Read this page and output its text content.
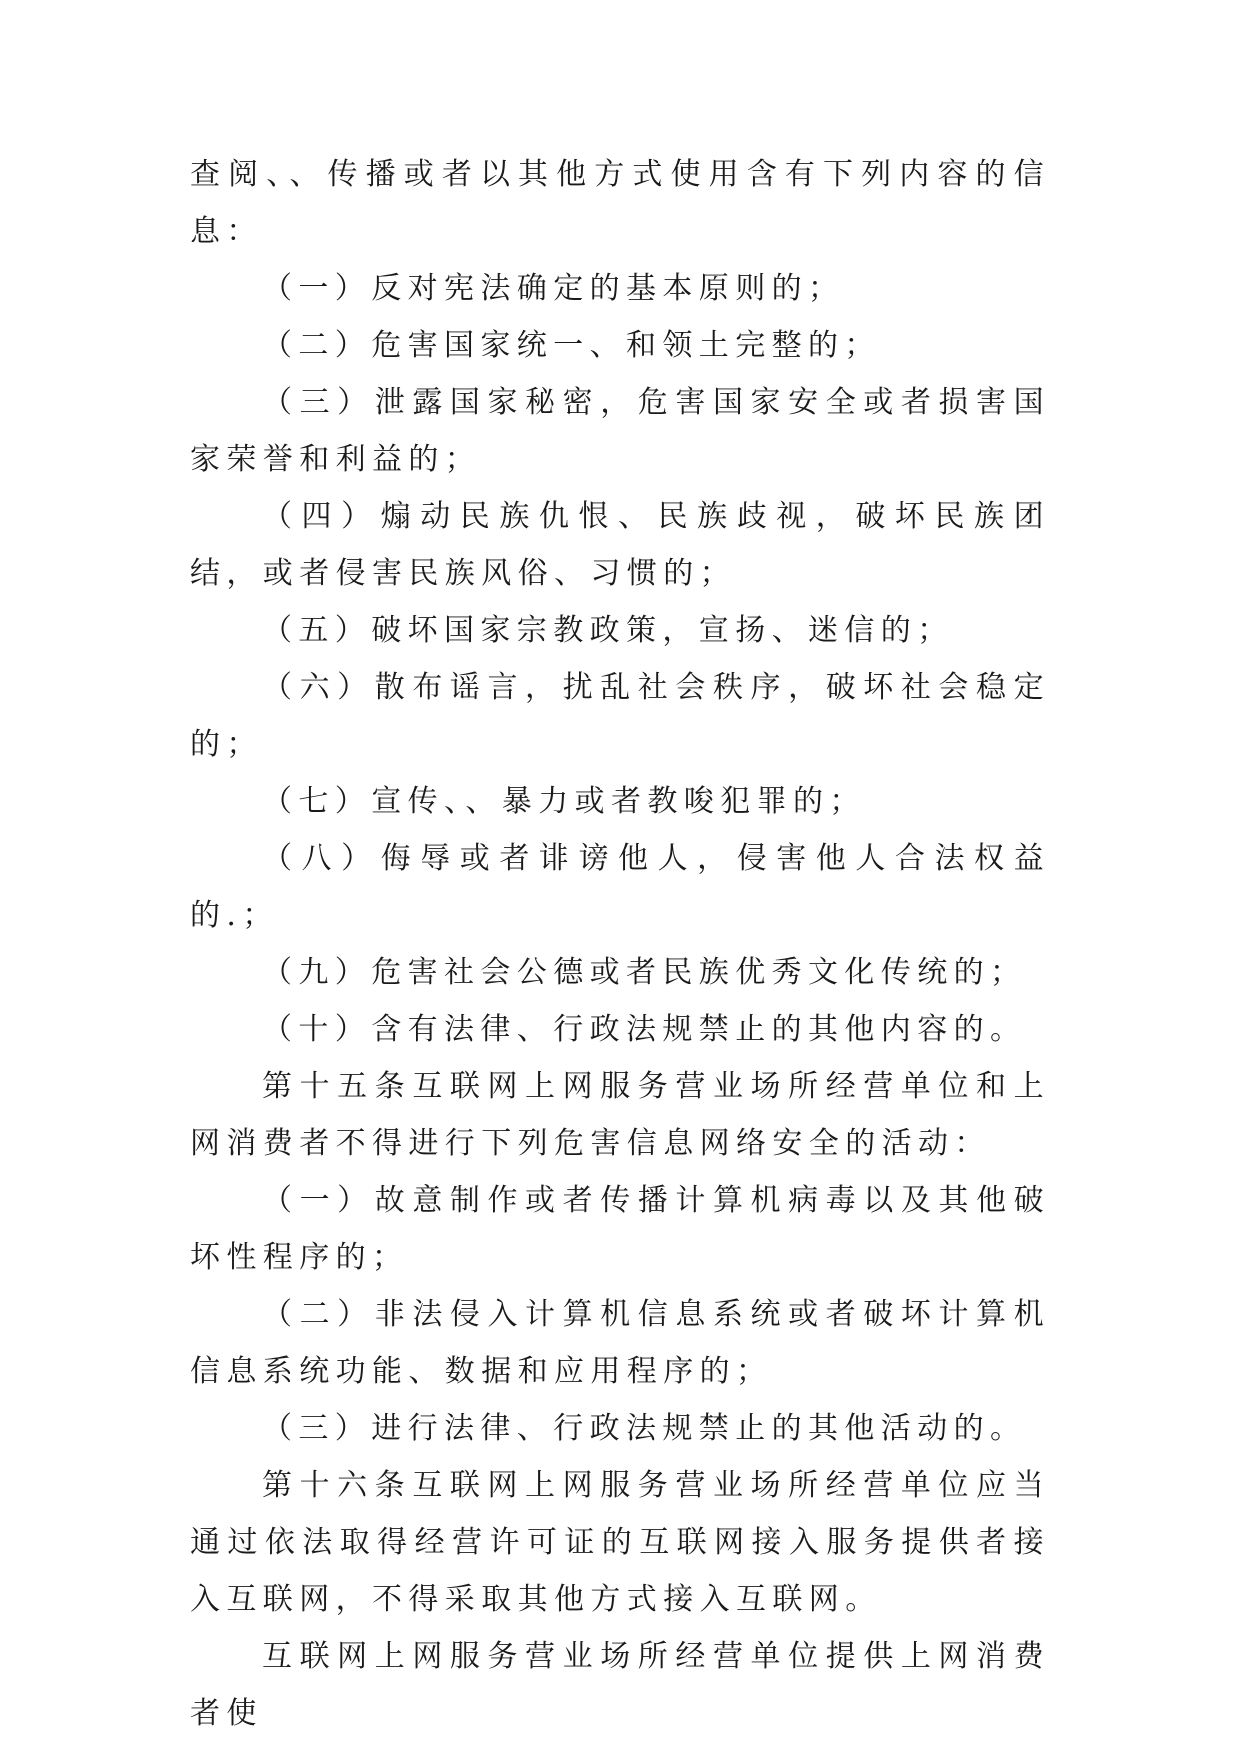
查阅、、传播或者以其他方式使用含有下列内容的信息：

（一）反对宪法确定的基本原则的；

（二）危害国家统一、和领土完整的；

（三）泄露国家秘密，危害国家安全或者损害国家荣誉和利益的；

（四）煽动民族仇恨、民族歧视，破坏民族团结，或者侵害民族风俗、习惯的；

（五）破坏国家宗教政策，宣扬、迷信的；

（六）散布谣言，扰乱社会秩序，破坏社会稳定的；

（七）宣传、、暴力或者教唆犯罪的；

（八）侮辱或者诽谤他人，侵害他人合法权益的.；

（九）危害社会公德或者民族优秀文化传统的；

（十）含有法律、行政法规禁止的其他内容的。

第十五条互联网上网服务营业场所经营单位和上网消费者不得进行下列危害信息网络安全的活动：

（一）故意制作或者传播计算机病毒以及其他破坏性程序的；

（二）非法侵入计算机信息系统或者破坏计算机信息系统功能、数据和应用程序的；

（三）进行法律、行政法规禁止的其他活动的。

第十六条互联网上网服务营业场所经营单位应当通过依法取得经营许可证的互联网接入服务提供者接入互联网，不得采取其他方式接入互联网。

互联网上网服务营业场所经营单位提供上网消费者使
